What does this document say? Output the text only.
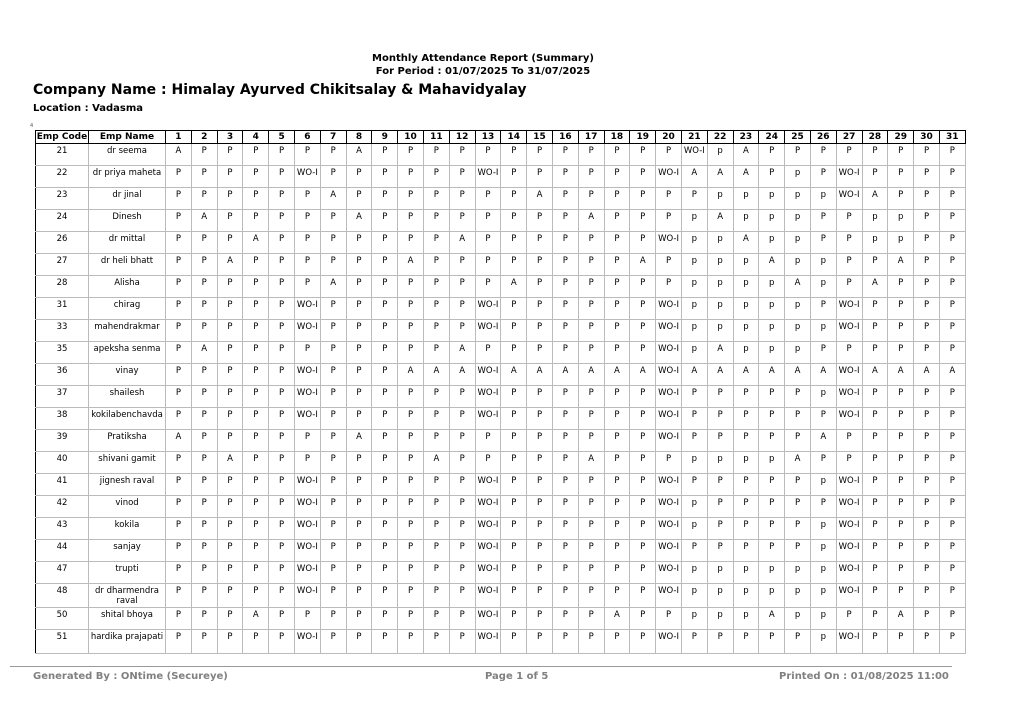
Monthly Attendance Report (Summary)
For Period : 01/07/2025 To 31/07/2025
Company Name : Himalay Ayurved Chikitsalay & Mahavidyalay
Location : Vadasma
4
Emp Code	Emp Name	1	2	3	4	5	6	7	8	9	10	11	12	13	14	15	16	17	18	19	20	21	22	23	24	25	26	27	28	29	30	31
21	dr seema	A	P	P	P	P	P	P	A	P	P	P	P	P	P	P	P	P	P	P	P	WO-I	p	A	P	P	P	P	P	P	P	P
22	dr priya maheta	P	P	P	P	P	WO-I	P	P	P	P	P	P	WO-I	P	P	P	P	P	P	WO-I	A	A	A	P	p	P	WO-I	P	P	P	P
23	dr jinal	P	P	P	P	P	P	A	P	P	P	P	P	P	P	A	P	P	P	P	P	P	p	p	p	p	p	WO-I	A	P	P	P
24	Dinesh	P	A	P	P	P	P	P	A	P	P	P	P	P	P	P	P	A	P	P	P	p	A	p	p	p	P	P	p	p	P	P
26	dr mittal	P	P	P	A	P	P	P	P	P	P	P	A	P	P	P	P	P	P	P	WO-I	p	p	A	p	p	P	P	p	p	P	P
27	dr heli bhatt	P	P	A	P	P	P	P	P	P	A	P	P	P	P	P	P	P	P	A	P	p	p	p	A	p	p	P	P	A	P	P
28	Alisha	P	P	P	P	P	P	A	P	P	P	P	P	P	A	P	P	P	P	P	P	p	p	p	p	A	p	P	A	P	P	P
31	chirag	P	P	P	P	P	WO-I	P	P	P	P	P	P	WO-I	P	P	P	P	P	P	WO-I	p	p	p	p	p	P	WO-I	P	P	P	P
33	mahendrakmar	P	P	P	P	P	WO-I	P	P	P	P	P	P	WO-I	P	P	P	P	P	P	WO-I	p	p	p	p	p	p	WO-I	P	P	P	P
35	apeksha senma	P	A	P	P	P	P	P	P	P	P	P	A	P	P	P	P	P	P	P	WO-I	p	A	p	p	p	P	P	P	P	P	P
36	vinay	P	P	P	P	P	WO-I	P	P	P	A	A	A	WO-I	A	A	A	A	A	A	WO-I	A	A	A	A	A	A	WO-I	A	A	A	A
37	shailesh	P	P	P	P	P	WO-I	P	P	P	P	P	P	WO-I	P	P	P	P	P	P	WO-I	P	P	P	P	P	p	WO-I	P	P	P	P
38	kokilabenchavda	P	P	P	P	P	WO-I	P	P	P	P	P	P	WO-I	P	P	P	P	P	P	WO-I	P	P	P	P	P	P	WO-I	P	P	P	P
39	Pratiksha	A	P	P	P	P	P	P	A	P	P	P	P	P	P	P	P	P	P	P	WO-I	P	P	P	P	P	A	P	P	P	P	P
40	shivani gamit	P	P	A	P	P	P	P	P	P	P	A	P	P	P	P	P	A	P	P	P	p	p	p	p	A	P	P	P	P	P	P
41	jignesh raval	P	P	P	P	P	WO-I	P	P	P	P	P	P	WO-I	P	P	P	P	P	P	WO-I	P	P	P	P	P	p	WO-I	P	P	P	P
42	vinod	P	P	P	P	P	WO-I	P	P	P	P	P	P	WO-I	P	P	P	P	P	P	WO-I	p	P	P	P	P	P	WO-I	P	P	P	P
43	kokila	P	P	P	P	P	WO-I	P	P	P	P	P	P	WO-I	P	P	P	P	P	P	WO-I	p	P	P	P	P	p	WO-I	P	P	P	P
44	sanjay	P	P	P	P	P	WO-I	P	P	P	P	P	P	WO-I	P	P	P	P	P	P	WO-I	P	P	P	P	P	p	WO-I	P	P	P	P
47	trupti	P	P	P	P	P	WO-I	P	P	P	P	P	P	WO-I	P	P	P	P	P	P	WO-I	p	p	p	p	p	p	WO-I	P	P	P	P
48	dr dharmendra raval	P	P	P	P	P	WO-I	P	P	P	P	P	P	WO-I	P	P	P	P	P	P	WO-I	p	p	p	p	p	p	WO-I	P	P	P	P
50	shital bhoya	P	P	P	A	P	P	P	P	P	P	P	P	WO-I	P	P	P	P	A	P	P	p	p	p	A	p	p	P	P	A	P	P
51	hardika prajapati	P	P	P	P	P	WO-I	P	P	P	P	P	P	WO-I	P	P	P	P	P	P	WO-I	P	P	P	P	P	p	WO-I	P	P	P	P
Generated By : ONtime (Secureye)	Page 1 of 5	Printed On : 01/08/2025 11:00
